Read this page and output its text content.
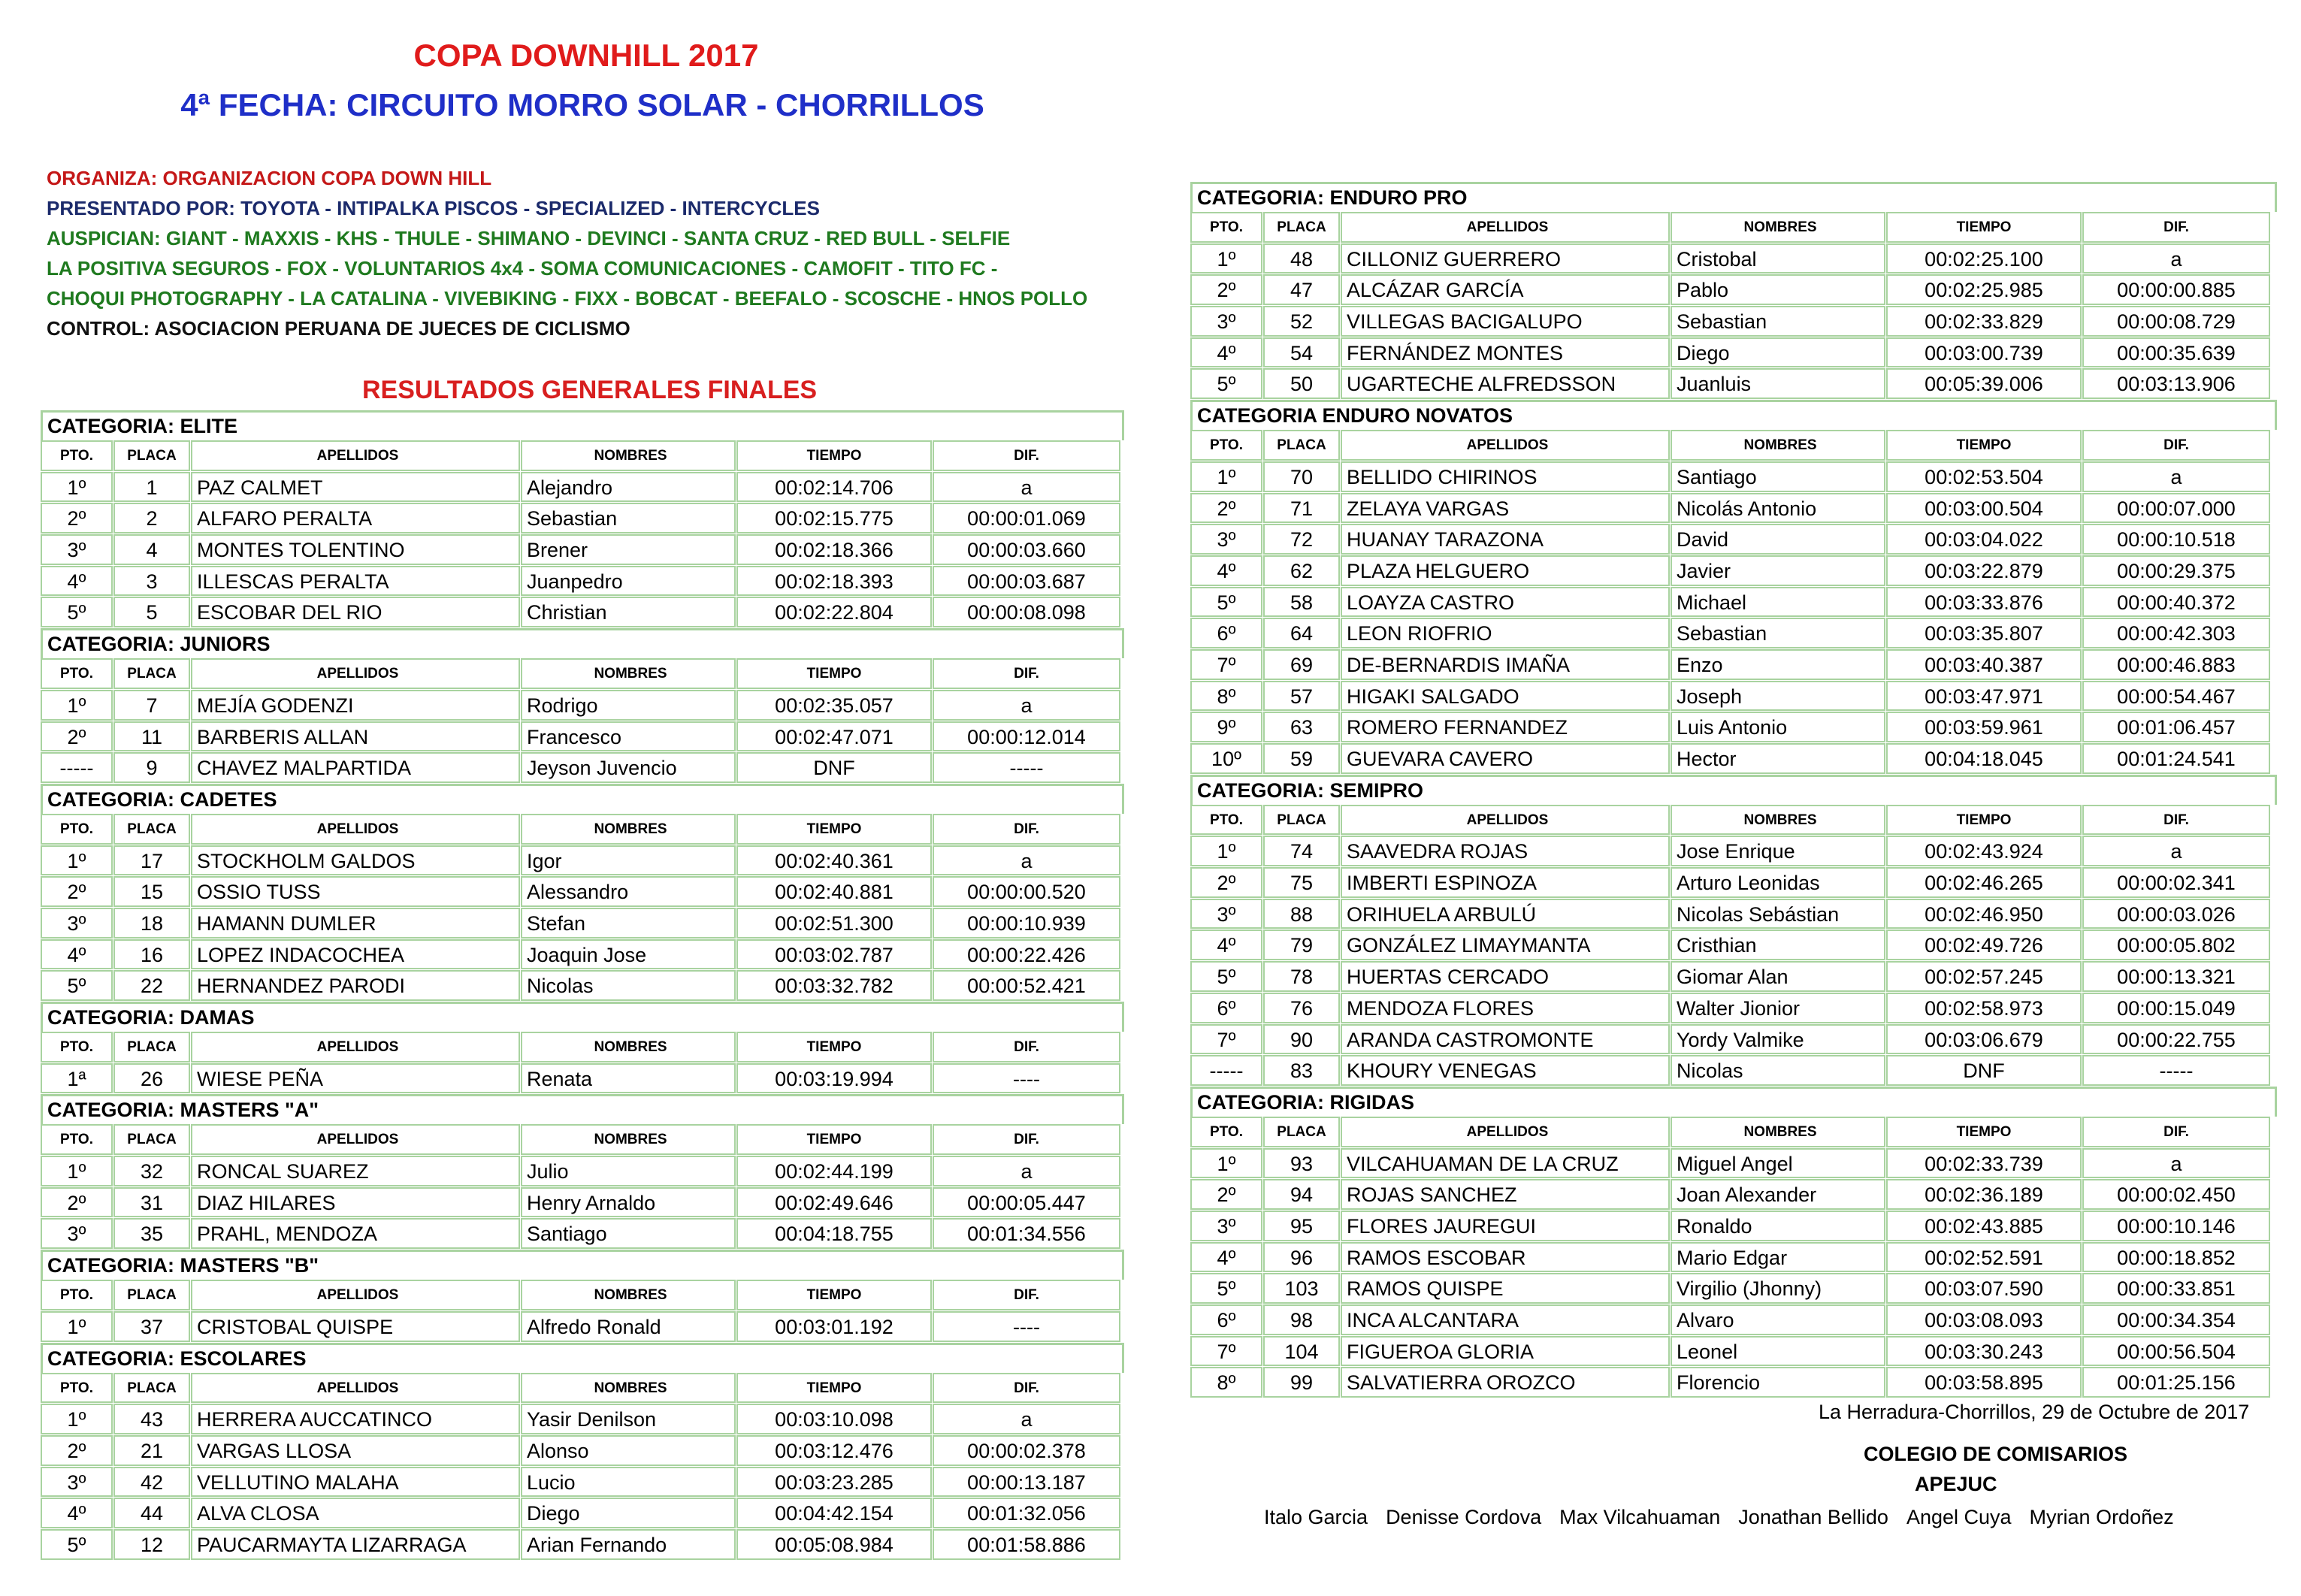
COPA DOWNHILL 2017
4ª FECHA: CIRCUITO MORRO SOLAR - CHORRILLOS
ORGANIZA: ORGANIZACION COPA DOWN HILL
PRESENTADO POR: TOYOTA - INTIPALKA PISCOS - SPECIALIZED - INTERCYCLES
AUSPICIAN: GIANT - MAXXIS - KHS - THULE - SHIMANO - DEVINCI - SANTA CRUZ - RED BULL - SELFIE
LA POSITIVA SEGUROS - FOX - VOLUNTARIOS 4x4 - SOMA COMUNICACIONES - CAMOFIT - TITO FC -
CHOQUI PHOTOGRAPHY - LA CATALINA - VIVEBIKING - FIXX - BOBCAT - BEEFALO - SCOSCHE - HNOS POLLO
CONTROL: ASOCIACION PERUANA DE JUECES DE CICLISMO
RESULTADOS GENERALES FINALES
CATEGORIA: ELITE
PTO.	PLACA	APELLIDOS	NOMBRES	TIEMPO	DIF.
1º	1	PAZ CALMET	Alejandro	00:02:14.706	a
2º	2	ALFARO PERALTA	Sebastian	00:02:15.775	00:00:01.069
3º	4	MONTES TOLENTINO	Brener	00:02:18.366	00:00:03.660
4º	3	ILLESCAS PERALTA	Juanpedro	00:02:18.393	00:00:03.687
5º	5	ESCOBAR DEL RIO	Christian	00:02:22.804	00:00:08.098
CATEGORIA: JUNIORS
PTO.	PLACA	APELLIDOS	NOMBRES	TIEMPO	DIF.
1º	7	MEJÍA GODENZI	Rodrigo	00:02:35.057	a
2º	11	BARBERIS ALLAN	Francesco	00:02:47.071	00:00:12.014
-----	9	CHAVEZ MALPARTIDA	Jeyson Juvencio	DNF	-----
CATEGORIA: CADETES
PTO.	PLACA	APELLIDOS	NOMBRES	TIEMPO	DIF.
1º	17	STOCKHOLM GALDOS	Igor	00:02:40.361	a
2º	15	OSSIO TUSS	Alessandro	00:02:40.881	00:00:00.520
3º	18	HAMANN DUMLER	Stefan	00:02:51.300	00:00:10.939
4º	16	LOPEZ INDACOCHEA	Joaquin Jose	00:03:02.787	00:00:22.426
5º	22	HERNANDEZ PARODI	Nicolas	00:03:32.782	00:00:52.421
CATEGORIA: DAMAS
PTO.	PLACA	APELLIDOS	NOMBRES	TIEMPO	DIF.
1ª	26	WIESE PEÑA	Renata	00:03:19.994	----
CATEGORIA: MASTERS "A"
PTO.	PLACA	APELLIDOS	NOMBRES	TIEMPO	DIF.
1º	32	RONCAL SUAREZ	Julio	00:02:44.199	a
2º	31	DIAZ HILARES	Henry Arnaldo	00:02:49.646	00:00:05.447
3º	35	PRAHL, MENDOZA	Santiago	00:04:18.755	00:01:34.556
CATEGORIA: MASTERS "B"
PTO.	PLACA	APELLIDOS	NOMBRES	TIEMPO	DIF.
1º	37	CRISTOBAL QUISPE	Alfredo Ronald	00:03:01.192	----
CATEGORIA: ESCOLARES
PTO.	PLACA	APELLIDOS	NOMBRES	TIEMPO	DIF.
1º	43	HERRERA AUCCATINCO	Yasir Denilson	00:03:10.098	a
2º	21	VARGAS LLOSA	Alonso	00:03:12.476	00:00:02.378
3º	42	VELLUTINO MALAHA	Lucio	00:03:23.285	00:00:13.187
4º	44	ALVA CLOSA	Diego	00:04:42.154	00:01:32.056
5º	12	PAUCARMAYTA LIZARRAGA	Arian Fernando	00:05:08.984	00:01:58.886
CATEGORIA: ENDURO PRO
PTO.	PLACA	APELLIDOS	NOMBRES	TIEMPO	DIF.
1º	48	CILLONIZ GUERRERO	Cristobal	00:02:25.100	a
2º	47	ALCÁZAR GARCÍA	Pablo	00:02:25.985	00:00:00.885
3º	52	VILLEGAS BACIGALUPO	Sebastian	00:02:33.829	00:00:08.729
4º	54	FERNÁNDEZ MONTES	Diego	00:03:00.739	00:00:35.639
5º	50	UGARTECHE ALFREDSSON	Juanluis	00:05:39.006	00:03:13.906
CATEGORIA ENDURO NOVATOS
PTO.	PLACA	APELLIDOS	NOMBRES	TIEMPO	DIF.
1º	70	BELLIDO CHIRINOS	Santiago	00:02:53.504	a
2º	71	ZELAYA VARGAS	Nicolás Antonio	00:03:00.504	00:00:07.000
3º	72	HUANAY TARAZONA	David	00:03:04.022	00:00:10.518
4º	62	PLAZA HELGUERO	Javier	00:03:22.879	00:00:29.375
5º	58	LOAYZA CASTRO	Michael	00:03:33.876	00:00:40.372
6º	64	LEON RIOFRIO	Sebastian	00:03:35.807	00:00:42.303
7º	69	DE-BERNARDIS IMAÑA	Enzo	00:03:40.387	00:00:46.883
8º	57	HIGAKI SALGADO	Joseph	00:03:47.971	00:00:54.467
9º	63	ROMERO FERNANDEZ	Luis Antonio	00:03:59.961	00:01:06.457
10º	59	GUEVARA CAVERO	Hector	00:04:18.045	00:01:24.541
CATEGORIA: SEMIPRO
PTO.	PLACA	APELLIDOS	NOMBRES	TIEMPO	DIF.
1º	74	SAAVEDRA ROJAS	Jose Enrique	00:02:43.924	a
2º	75	IMBERTI ESPINOZA	Arturo Leonidas	00:02:46.265	00:00:02.341
3º	88	ORIHUELA ARBULÚ	Nicolas Sebástian	00:02:46.950	00:00:03.026
4º	79	GONZÁLEZ LIMAYMANTA	Cristhian	00:02:49.726	00:00:05.802
5º	78	HUERTAS CERCADO	Giomar Alan	00:02:57.245	00:00:13.321
6º	76	MENDOZA FLORES	Walter Jionior	00:02:58.973	00:00:15.049
7º	90	ARANDA CASTROMONTE	Yordy Valmike	00:03:06.679	00:00:22.755
-----	83	KHOURY VENEGAS	Nicolas	DNF	-----
CATEGORIA: RIGIDAS
PTO.	PLACA	APELLIDOS	NOMBRES	TIEMPO	DIF.
1º	93	VILCAHUAMAN DE LA CRUZ	Miguel Angel	00:02:33.739	a
2º	94	ROJAS SANCHEZ	Joan Alexander	00:02:36.189	00:00:02.450
3º	95	FLORES JAUREGUI	Ronaldo	00:02:43.885	00:00:10.146
4º	96	RAMOS ESCOBAR	Mario Edgar	00:02:52.591	00:00:18.852
5º	103	RAMOS QUISPE	Virgilio (Jhonny)	00:03:07.590	00:00:33.851
6º	98	INCA ALCANTARA	Alvaro	00:03:08.093	00:00:34.354
7º	104	FIGUEROA GLORIA	Leonel	00:03:30.243	00:00:56.504
8º	99	SALVATIERRA OROZCO	Florencio	00:03:58.895	00:01:25.156
La Herradura-Chorrillos, 29 de Octubre de 2017
COLEGIO DE COMISARIOS
APEJUC
Italo Garcia Denisse Cordova Max Vilcahuaman Jonathan Bellido Angel Cuya Myrian Ordoñez
